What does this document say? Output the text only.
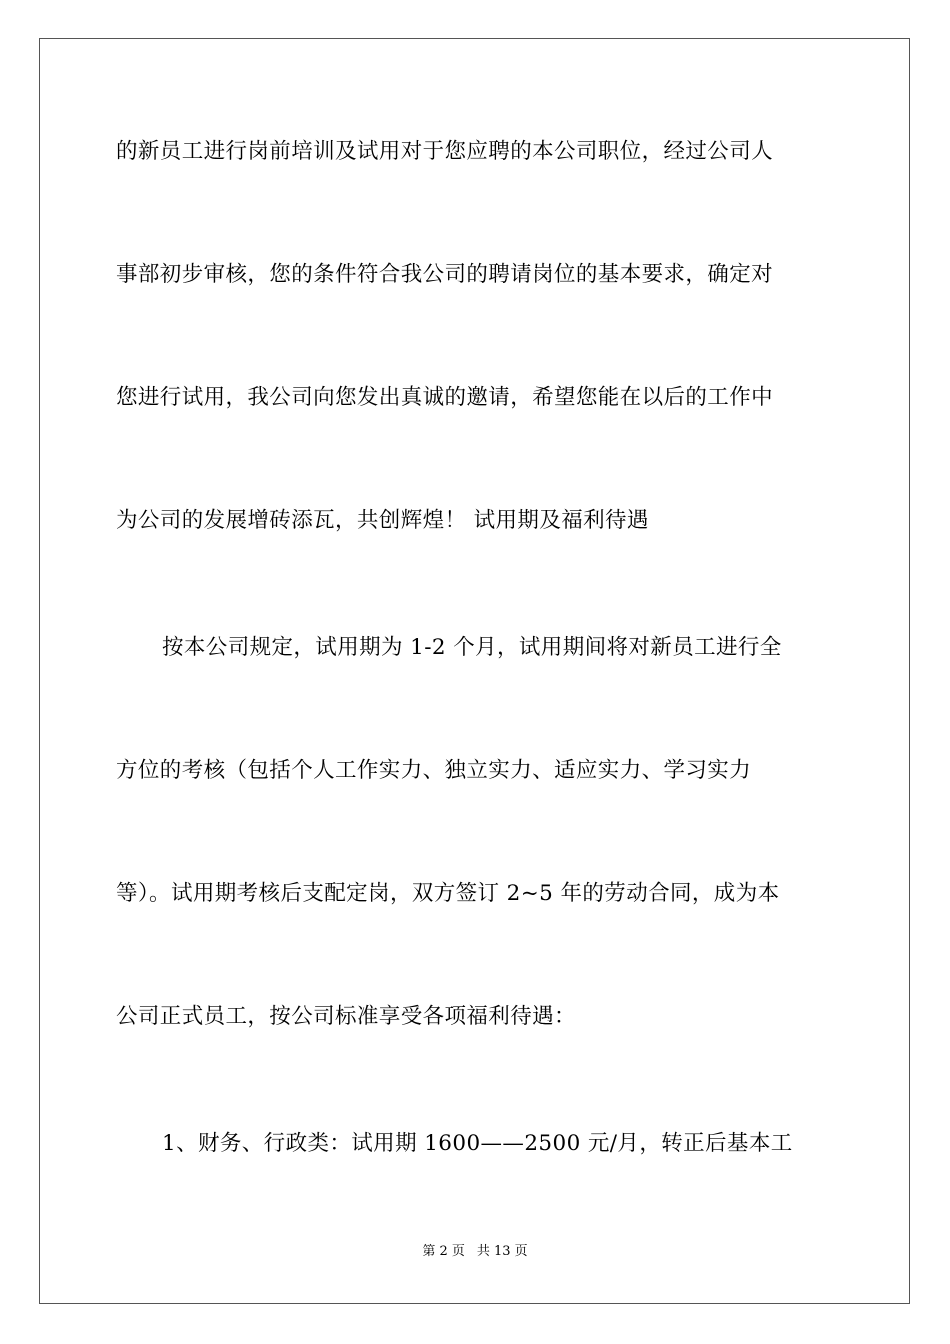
的新员工进行岗前培训及试用对于您应聘的本公司职位，经过公司人
事部初步审核，您的条件符合我公司的聘请岗位的基本要求，确定对
您进行试用，我公司向您发出真诚的邀请，希望您能在以后的工作中
为公司的发展增砖添瓦，共创辉煌！ 试用期及福利待遇
按本公司规定，试用期为 1-2 个月，试用期间将对新员工进行全
方位的考核（包括个人工作实力、独立实力、适应实力、学习实力
等）。试用期考核后支配定岗，双方签订 2~5 年的劳动合同，成为本
公司正式员工，按公司标准享受各项福利待遇：
1、财务、行政类：试用期 1600——2500 元/月，转正后基本工
第 2 页 共 13 页
